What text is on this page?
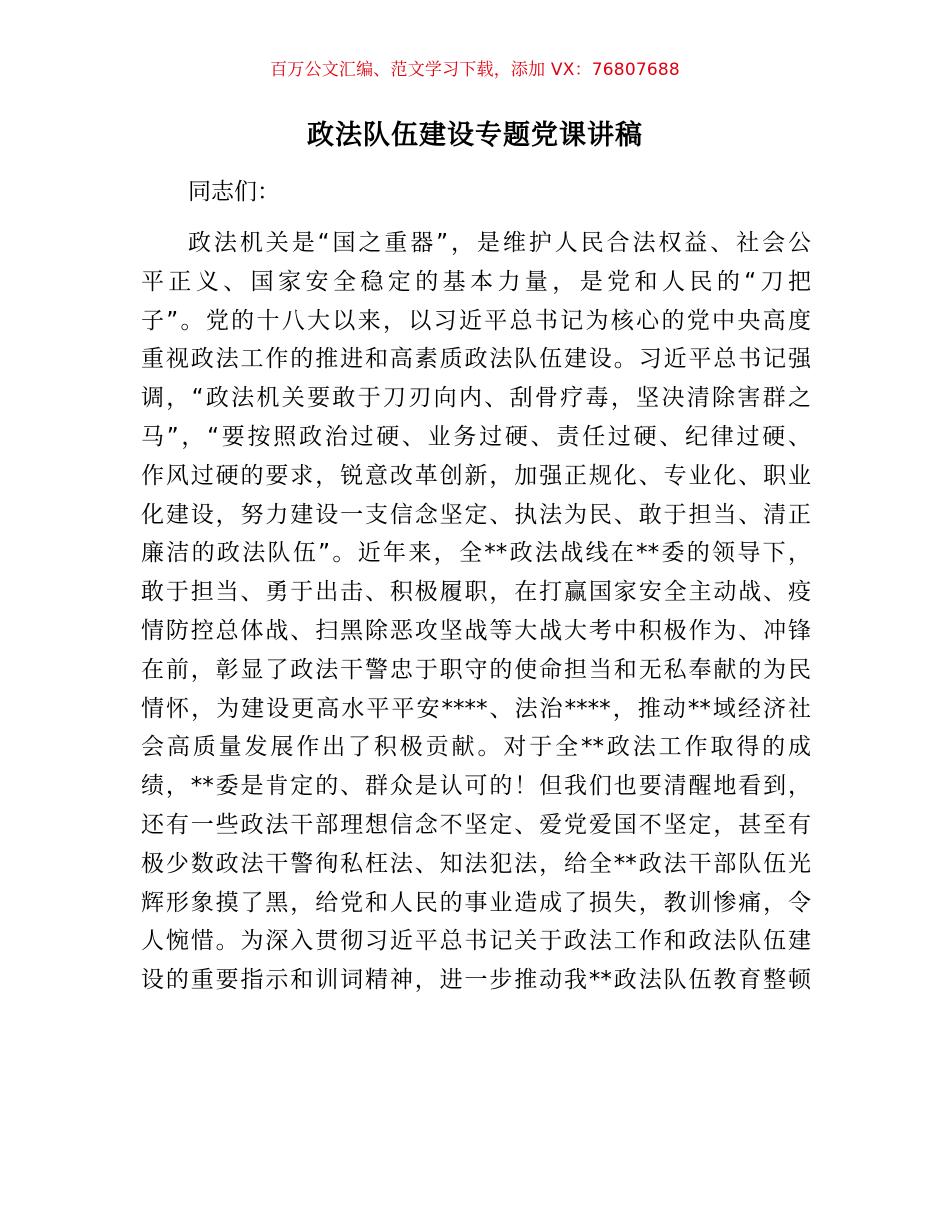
百万公文汇编、范文学习下载，添加 VX：76807688
政法队伍建设专题党课讲稿
同志们：
政法机关是“国之重器”，是维护人民合法权益、社会公
平正义、国家安全稳定的基本力量，是党和人民的“刀把
子”。党的十八大以来，以习近平总书记为核心的党中央高度
重视政法工作的推进和高素质政法队伍建设。习近平总书记强
调，“政法机关要敢于刀刃向内、刮骨疗毒，坚决清除害群之
马”，“要按照政治过硬、业务过硬、责任过硬、纪律过硬、
作风过硬的要求，锐意改革创新，加强正规化、专业化、职业
化建设，努力建设一支信念坚定、执法为民、敢于担当、清正
廉洁的政法队伍”。近年来，全**政法战线在**委的领导下，
敢于担当、勇于出击、积极履职，在打赢国家安全主动战、疫
情防控总体战、扫黑除恶攻坚战等大战大考中积极作为、冲锋
在前，彰显了政法干警忠于职守的使命担当和无私奉献的为民
情怀，为建设更高水平平安****、法治****，推动**域经济社
会高质量发展作出了积极贡献。对于全**政法工作取得的成
绩，**委是肯定的、群众是认可的！但我们也要清醒地看到，
还有一些政法干部理想信念不坚定、爱党爱国不坚定，甚至有
极少数政法干警徇私枉法、知法犯法，给全**政法干部队伍光
辉形象摸了黑，给党和人民的事业造成了损失，教训惨痛，令
人惋惜。为深入贯彻习近平总书记关于政法工作和政法队伍建
设的重要指示和训词精神，进一步推动我**政法队伍教育整顿
